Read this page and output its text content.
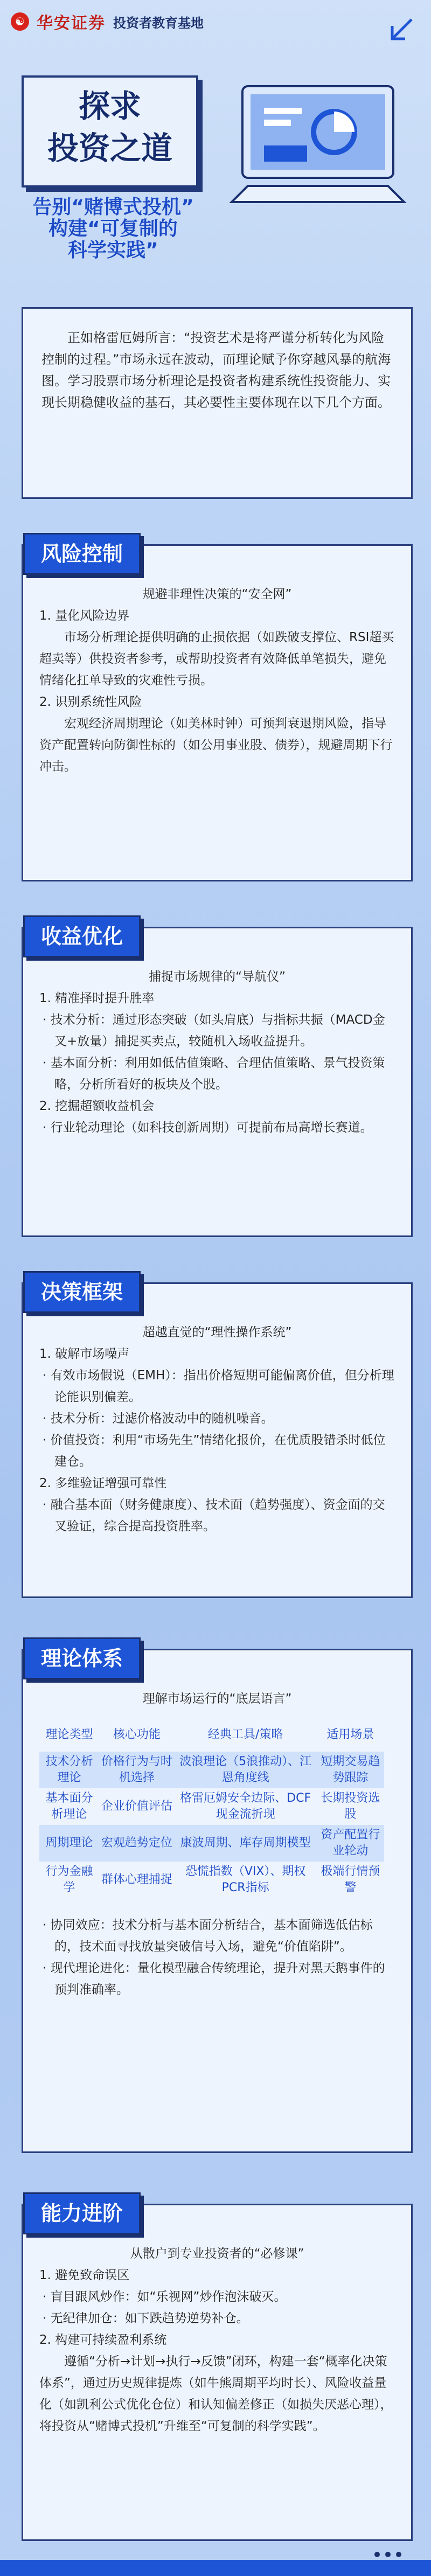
☯ 华安证券 投资者教育基地
探求
投资之道
告别“赌博式投机”
构建“可复制的
科学实践”

正如格雷厄姆所言：“投资艺术是将严谨分析转化为风险控制的过程。”市场永远在波动，而理论赋予你穿越风暴的航海图。学习股票市场分析理论是投资者构建系统性投资能力、实现长期稳健收益的基石，其必要性主要体现在以下几个方面。

风险控制
规避非理性决策的“安全网”
1. 量化风险边界
市场分析理论提供明确的止损依据（如跌破支撑位、RSI超买超卖等）供投资者参考，或帮助投资者有效降低单笔损失，避免情绪化扛单导致的灾难性亏损。
2. 识别系统性风险
宏观经济周期理论（如美林时钟）可预判衰退期风险，指导资产配置转向防御性标的（如公用事业股、债券），规避周期下行冲击。
收益优化
捕捉市场规律的“导航仪”
1. 精准择时提升胜率
· 技术分析：通过形态突破（如头肩底）与指标共振（MACD金叉+放量）捕捉买卖点，较随机入场收益提升。
· 基本面分析：利用如低估值策略、合理估值策略、景气投资策略，分析所看好的板块及个股。
2. 挖掘超额收益机会
· 行业轮动理论（如科技创新周期）可提前布局高增长赛道。
决策框架
超越直觉的“理性操作系统”
1. 破解市场噪声
· 有效市场假说（EMH）：指出价格短期可能偏离价值，但分析理论能识别偏差。
· 技术分析：过滤价格波动中的随机噪音。
· 价值投资：利用“市场先生”情绪化报价，在优质股错杀时低位建仓。
2. 多维验证增强可靠性
· 融合基本面（财务健康度）、技术面（趋势强度）、资金面的交叉验证，综合提高投资胜率。
理论体系
理解市场运行的“底层语言”
理论类型	核心功能	经典工具/策略	适用场景
技术分析理论	价格行为与时机选择	波浪理论（5浪推动）、江恩角度线	短期交易趋势跟踪
基本面分析理论	企业价值评估	格雷厄姆安全边际、DCF现金流折现	长期投资选股
周期理论	宏观趋势定位	康波周期、库存周期模型	资产配置行业轮动
行为金融学	群体心理捕捉	恐慌指数（VIX）、期权PCR指标	极端行情预警
· 协同效应：技术分析与基本面分析结合，基本面筛选低估标的，技术面寻找放量突破信号入场，避免“价值陷阱”。
· 现代理论进化：量化模型融合传统理论，提升对黑天鹅事件的预判准确率。
能力进阶
从散户到专业投资者的“必修课”
1. 避免致命误区
· 盲目跟风炒作：如“乐视网”炒作泡沫破灭。
· 无纪律加仓：如下跌趋势逆势补仓。
2. 构建可持续盈利系统
遵循“分析→计划→执行→反馈”闭环，构建一套“概率化决策体系”，通过历史规律提炼（如牛熊周期平均时长）、风险收益量化（如凯利公式优化仓位）和认知偏差修正（如损失厌恶心理），将投资从“赌博式投机”升维至“可复制的科学实践”。
